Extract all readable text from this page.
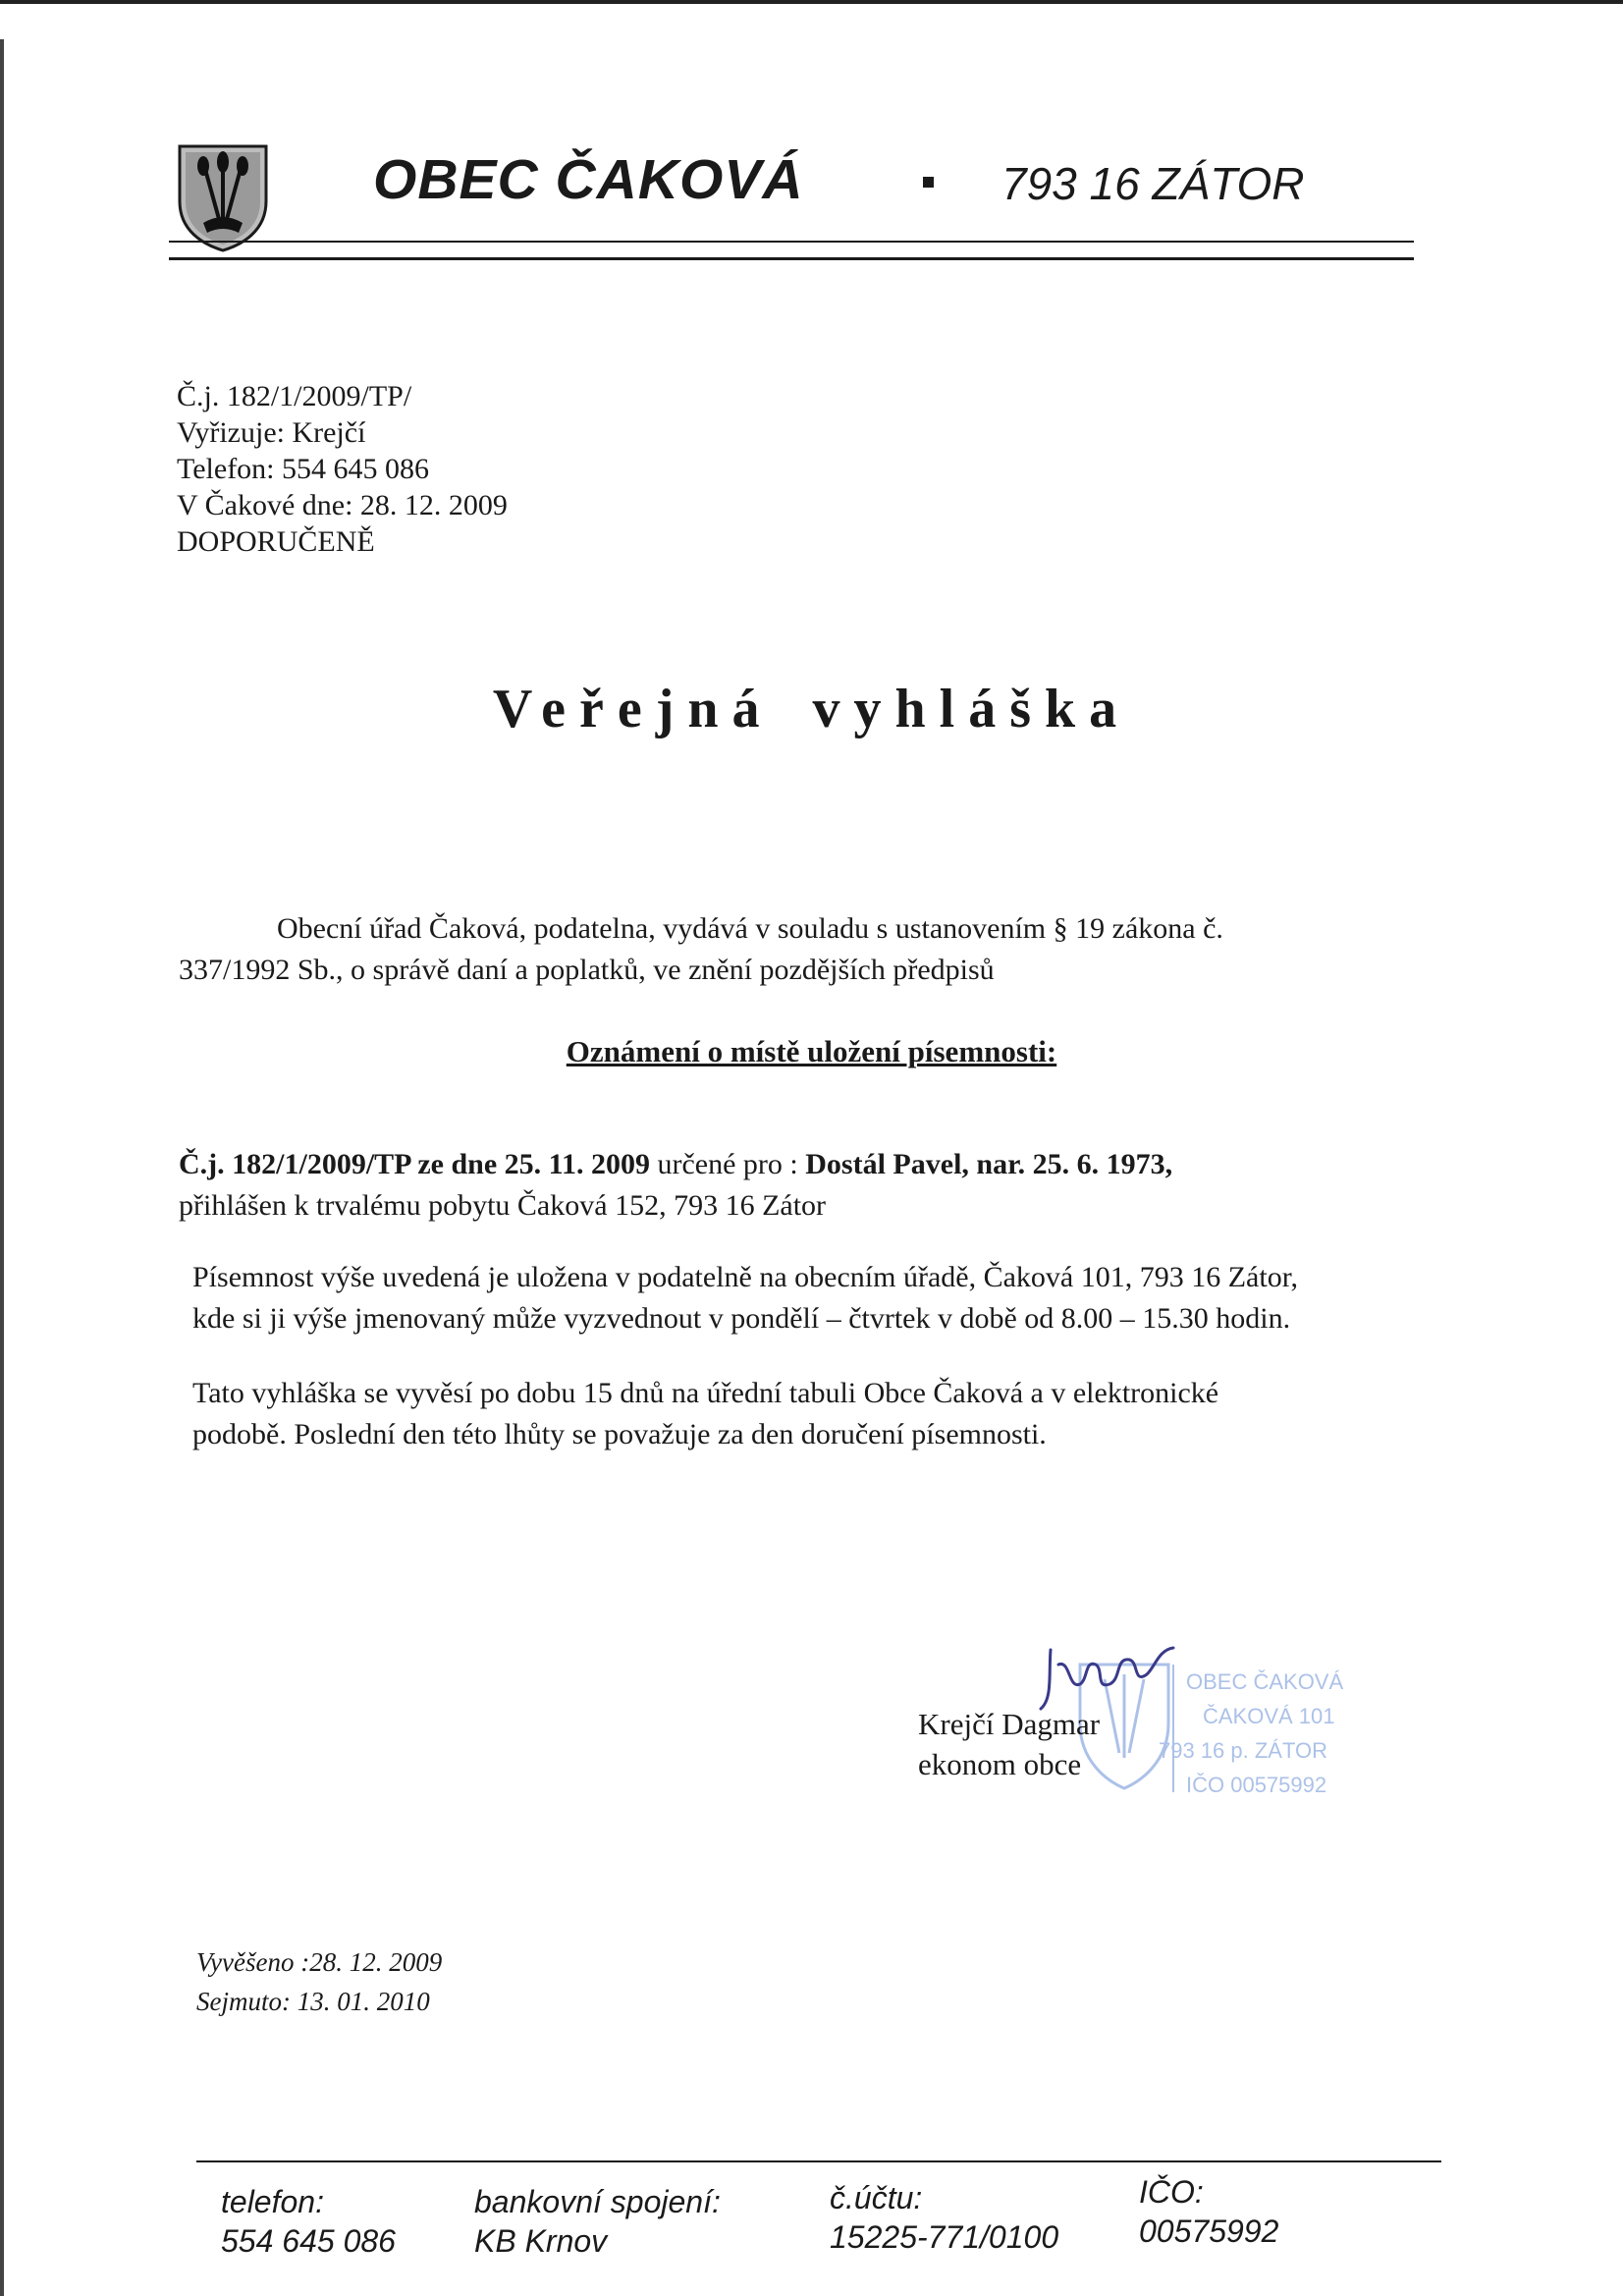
OBEC ČAKOVÁ	793 16 ZÁTOR
Č.j. 182/1/2009/TP/
Vyřizuje: Krejčí
Telefon: 554 645 086
V Čakové dne: 28. 12. 2009
DOPORUČENĚ
Veřejná vyhláška
Obecní úřad Čaková, podatelna, vydává v souladu s ustanovením § 19 zákona č.
337/1992 Sb., o správě daní a poplatků, ve znění pozdějších předpisů
Oznámení o místě uložení písemnosti:
Č.j. 182/1/2009/TP ze dne 25. 11. 2009 určené pro : Dostál Pavel, nar. 25. 6. 1973,
přihlášen k trvalému pobytu Čaková 152, 793 16 Zátor
Písemnost výše uvedená je uložena v podatelně na obecním úřadě, Čaková 101, 793 16 Zátor,
kde si ji výše jmenovaný může vyzvednout v pondělí – čtvrtek v době od 8.00 – 15.30 hodin.
Tato vyhláška se vyvěsí po dobu 15 dnů na úřední tabuli Obce Čaková a v elektronické
podobě. Poslední den této lhůty se považuje za den doručení písemnosti.
OBEC ČAKOVÁ
ČAKOVÁ 101
793 16 p. ZÁTOR
IČO 00575992
Krejčí Dagmar
ekonom obce
Vyvěšeno :28. 12. 2009
Sejmuto: 13. 01. 2010
telefon:
554 645 086
bankovní spojení:
KB Krnov
č.účtu:
15225-771/0100
IČO:
00575992
